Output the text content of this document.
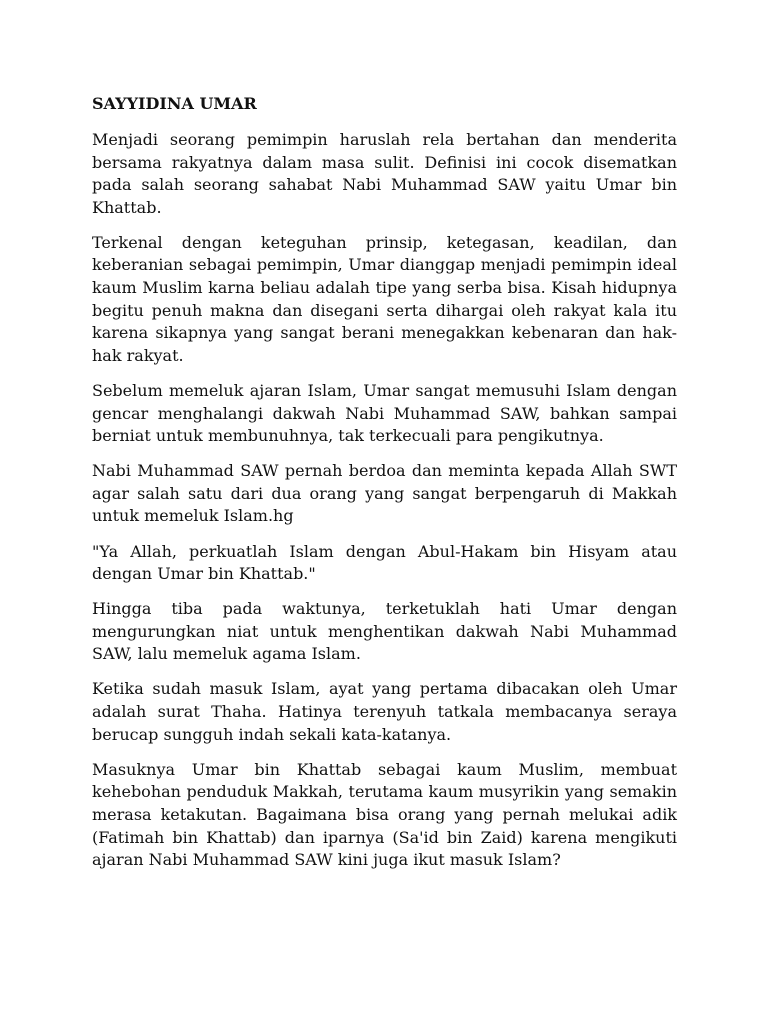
SAYYIDINA UMAR

Menjadi seorang pemimpin haruslah rela bertahan dan menderita bersama rakyatnya dalam masa sulit. Definisi ini cocok disematkan pada salah seorang sahabat Nabi Muhammad SAW yaitu Umar bin Khattab.

Terkenal dengan keteguhan prinsip, ketegasan, keadilan, dan keberanian sebagai pemimpin, Umar dianggap menjadi pemimpin ideal kaum Muslim karna beliau adalah tipe yang serba bisa. Kisah hidupnya begitu penuh makna dan disegani serta dihargai oleh rakyat kala itu karena sikapnya yang sangat berani menegakkan kebenaran dan hak-hak rakyat.

Sebelum memeluk ajaran Islam, Umar sangat memusuhi Islam dengan gencar menghalangi dakwah Nabi Muhammad SAW, bahkan sampai berniat untuk membunuhnya, tak terkecuali para pengikutnya.

Nabi Muhammad SAW pernah berdoa dan meminta kepada Allah SWT agar salah satu dari dua orang yang sangat berpengaruh di Makkah untuk memeluk Islam.hg

"Ya Allah, perkuatlah Islam dengan Abul-Hakam bin Hisyam atau dengan Umar bin Khattab."

Hingga tiba pada waktunya, terketuklah hati Umar dengan mengurungkan niat untuk menghentikan dakwah Nabi Muhammad SAW, lalu memeluk agama Islam.

Ketika sudah masuk Islam, ayat yang pertama dibacakan oleh Umar adalah surat Thaha. Hatinya terenyuh tatkala membacanya seraya berucap sungguh indah sekali kata-katanya.

Masuknya Umar bin Khattab sebagai kaum Muslim, membuat kehebohan penduduk Makkah, terutama kaum musyrikin yang semakin merasa ketakutan. Bagaimana bisa orang yang pernah melukai adik (Fatimah bin Khattab) dan iparnya (Sa'id bin Zaid) karena mengikuti ajaran Nabi Muhammad SAW kini juga ikut masuk Islam?
